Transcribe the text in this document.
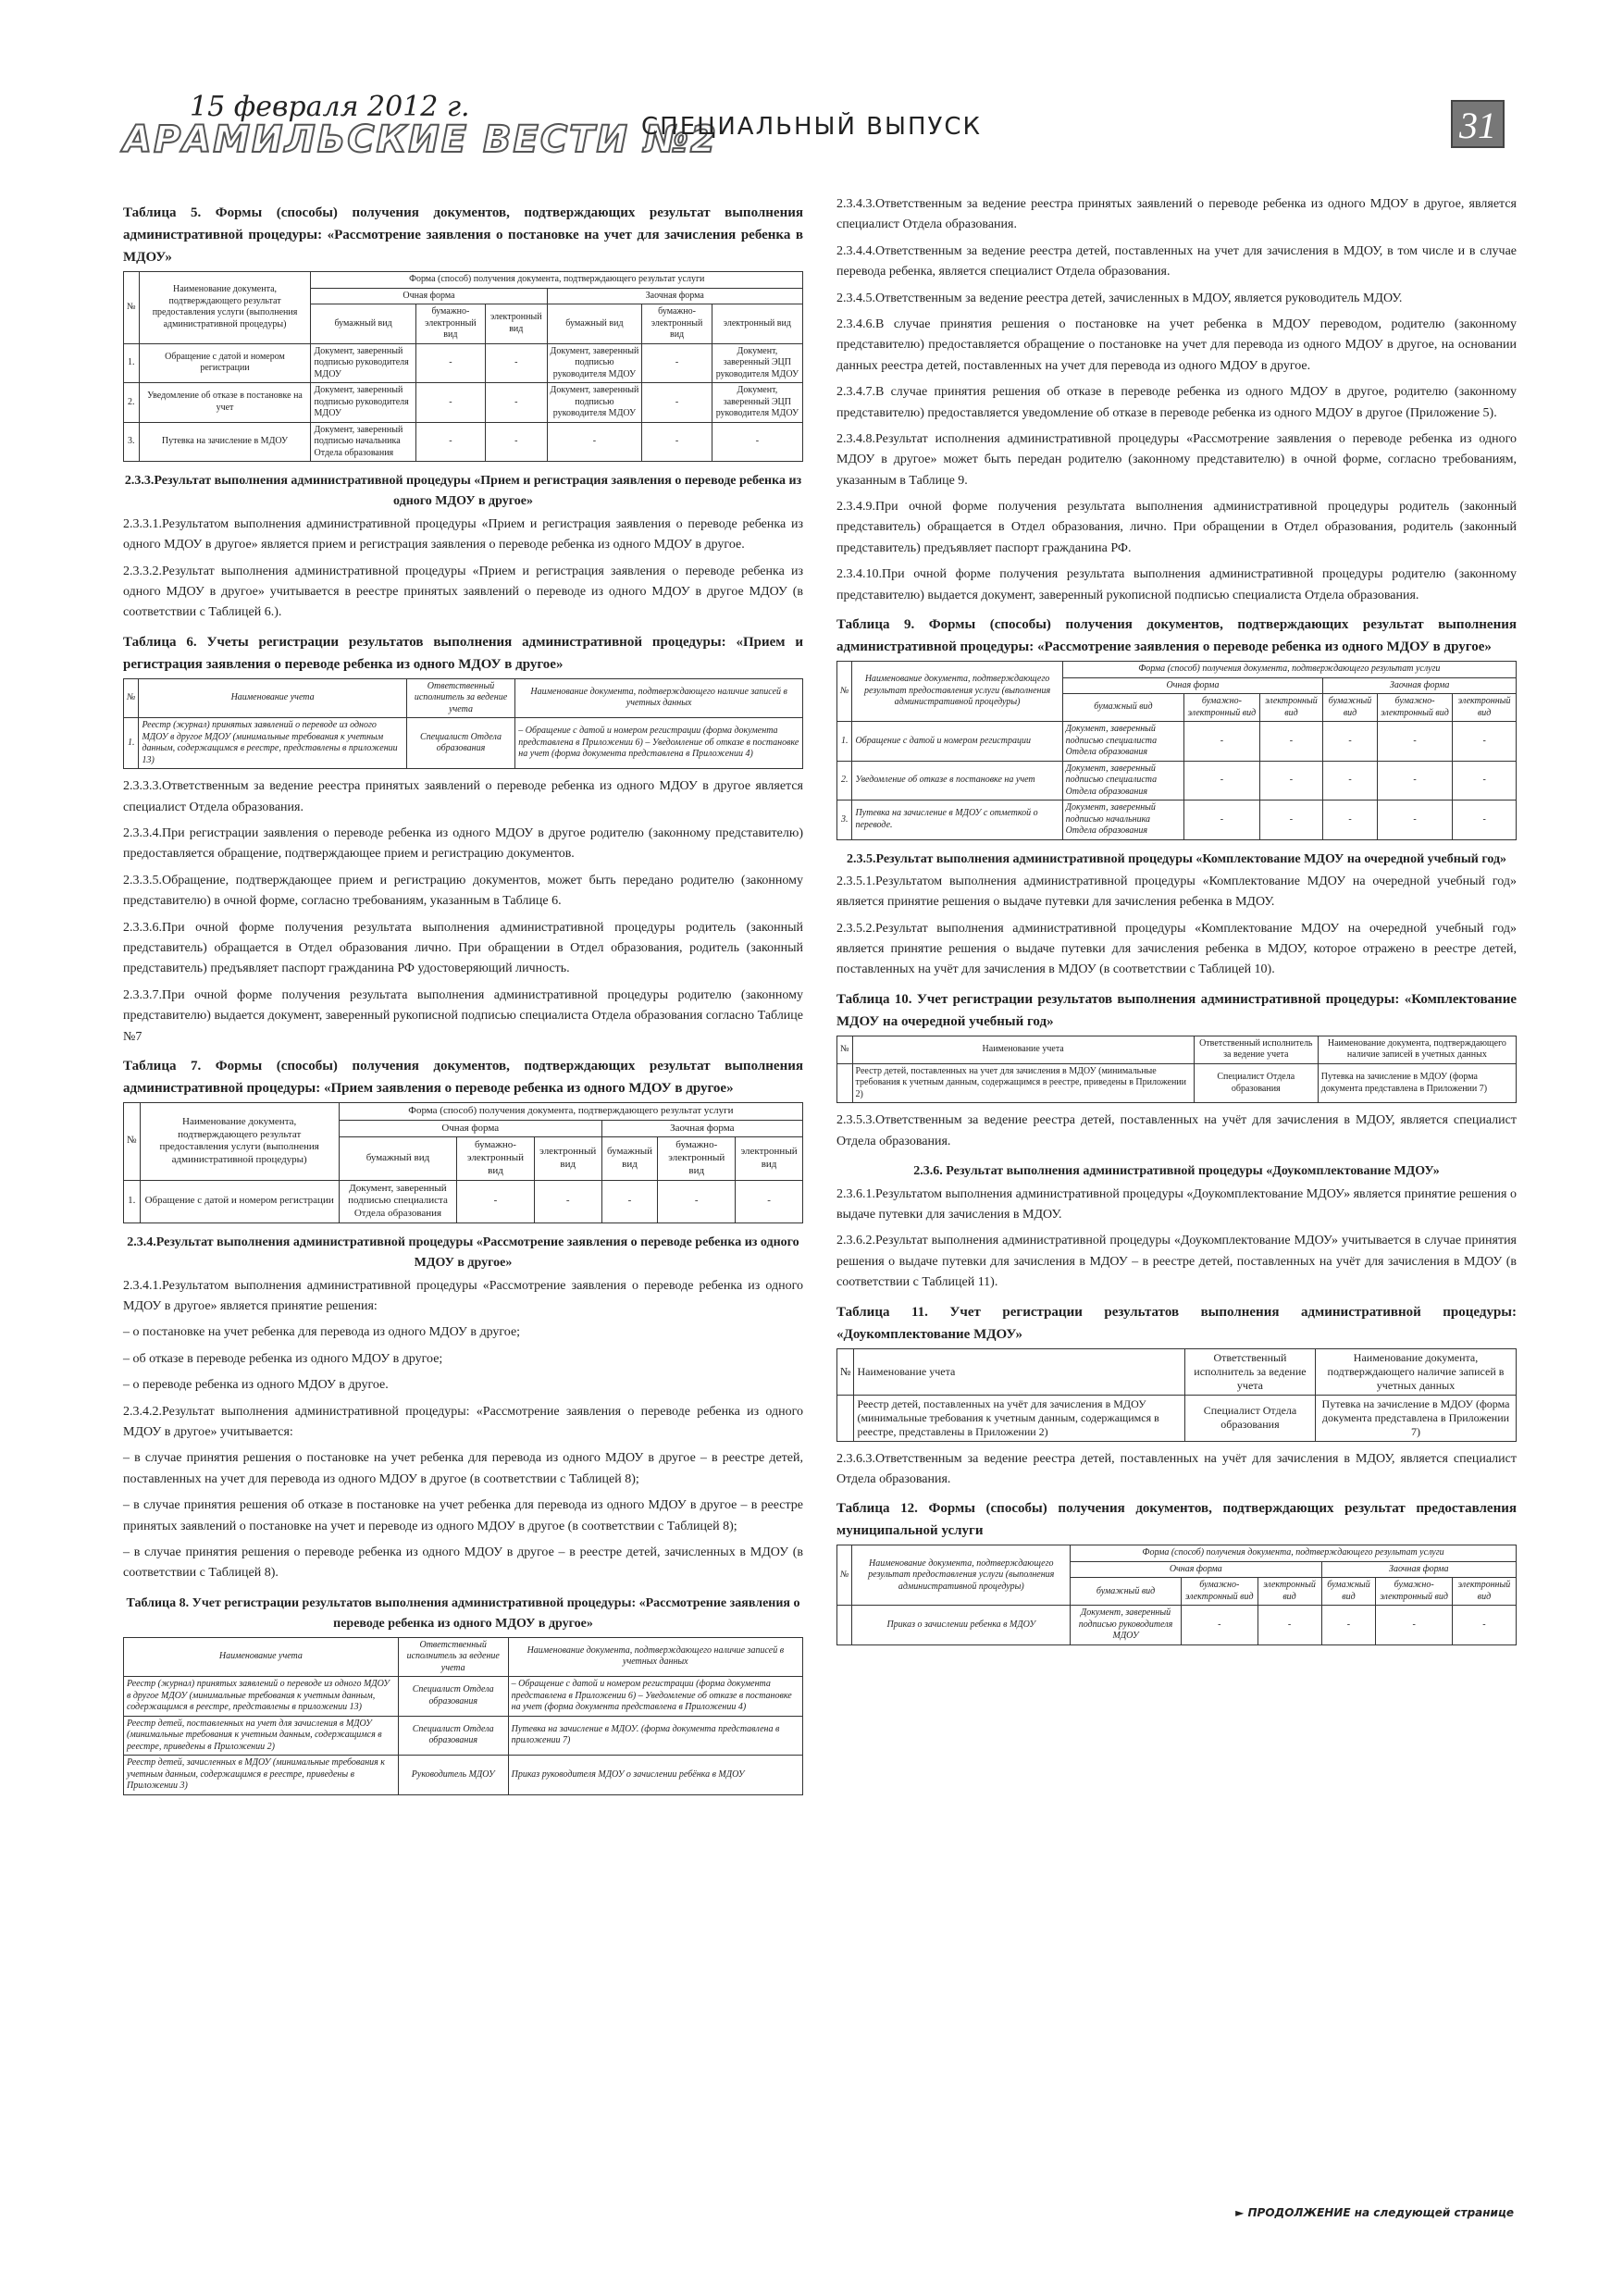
15 февраля 2012 г.
АРАМИЛЬСКИЕ ВЕСТИ №2
СПЕЦИАЛЬНЫЙ ВЫПУСК	31
Таблица 5. Формы (способы) получения документов, подтверждающих результат выполнения административной процедуры: «Рассмотрение заявления о постановке на учет для зачисления ребенка в МДОУ»
№	Наименование документа, подтверждающего результат предоставления услуги (выполнения административной процедуры)	Форма (способ) получения документа, подтверждающего результат услуги					
		Очная форма			Заочная форма		
		бумажный вид	бумажно-электронный вид	электронный вид	бумажный вид	бумажно-электронный вид	электронный вид
1.	Обращение с датой и номером регистрации	Документ, заверенный подписью руководителя МДОУ	-	-	Документ, заверенный подписью руководителя МДОУ	-	Документ, заверенный ЭЦП руководителя МДОУ
2.	Уведомление об отказе в постановке на учет	Документ, заверенный подписью руководителя МДОУ	-	-	Документ, заверенный подписью руководителя МДОУ	-	Документ, заверенный ЭЦП руководителя МДОУ
3.	Путевка на зачисление в МДОУ	Документ, заверенный подписью начальника Отдела образования	-	-	-	-	-
2.3.3.Результат выполнения административной процедуры «Прием и регистрация заявления о переводе ребенка из одного МДОУ в другое»

2.3.3.1.Результатом выполнения административной процедуры «Прием и регистрация заявления о переводе ребенка из одного МДОУ в другое» является прием и регистрация заявления о переводе ребенка из одного МДОУ в другое.

2.3.3.2.Результат выполнения административной процедуры «Прием и регистрация заявления о переводе ребенка из одного МДОУ в другое» учитывается в реестре принятых заявлений о переводе из одного МДОУ в другое МДОУ (в соответствии с Таблицей 6.).

Таблица 6. Учеты регистрации результатов выполнения административной процедуры: «Прием и регистрация заявления о переводе ребенка из одного МДОУ в другое»
№	Наименование учета	Ответственный исполнитель за ведение учета	Наименование документа, подтверждающего наличие записей в учетных данных
1.	Реестр (журнал) принятых заявлений о переводе из одного МДОУ в другое МДОУ (минимальные требования к учетным данным, содержащимся в реестре, представлены в приложении 13)	Специалист Отдела образования	– Обращение с датой и номером регистрации (форма документа представлена в Приложении 6) – Уведомление об отказе в постановке на учет (форма документа представлена в Приложении 4)

2.3.3.3.Ответственным за ведение реестра принятых заявлений о переводе ребенка из одного МДОУ в другое является специалист Отдела образования.

2.3.3.4.При регистрации заявления о переводе ребенка из одного МДОУ в другое родителю (законному представителю) предоставляется обращение, подтверждающее прием и регистрацию документов.

2.3.3.5.Обращение, подтверждающее прием и регистрацию документов, может быть передано родителю (законному представителю) в очной форме, согласно требованиям, указанным в Таблице 6.

2.3.3.6.При очной форме получения результата выполнения административной процедуры родитель (законный представитель) обращается в Отдел образования лично. При обращении в Отдел образования, родитель (законный представитель) предъявляет паспорт гражданина РФ удостоверяющий личность.

2.3.3.7.При очной форме получения результата выполнения административной процедуры родителю (законному представителю) выдается документ, заверенный рукописной подписью специалиста Отдела образования согласно Таблице №7

Таблица 7. Формы (способы) получения документов, подтверждающих результат выполнения административной процедуры: «Прием заявления о переводе ребенка из одного МДОУ в другое»
№	Наименование документа, подтверждающего результат предоставления услуги (выполнения административной процедуры)	Форма (способ) получения документа, подтверждающего результат услуги					
		Очная форма			Заочная форма		
		бумажный вид	бумажно-электронный вид	электронный вид	бумажный вид	бумажно-электронный вид	электронный вид
1.	Обращение с датой и номером регистрации	Документ, заверенный подписью специалиста Отдела образования	-	-	-	-	-
2.3.4.Результат выполнения административной процедуры «Рассмотрение заявления о переводе ребенка из одного МДОУ в другое»

2.3.4.1.Результатом выполнения административной процедуры «Рассмотрение заявления о переводе ребенка из одного МДОУ в другое» является принятие решения:

– о постановке на учет ребенка для перевода из одного МДОУ в другое;

– об отказе в переводе ребенка из одного МДОУ в другое;

– о переводе ребенка из одного МДОУ в другое.

2.3.4.2.Результат выполнения административной процедуры: «Рассмотрение заявления о переводе ребенка из одного МДОУ в другое» учитывается:

– в случае принятия решения о постановке на учет ребенка для перевода из одного МДОУ в другое – в реестре детей, поставленных на учет для перевода из одного МДОУ в другое (в соответствии с Таблицей 8);

– в случае принятия решения об отказе в постановке на учет ребенка для перевода из одного МДОУ в другое – в реестре принятых заявлений о постановке на учет и переводе из одного МДОУ в другое (в соответствии с Таблицей 8);

– в случае принятия решения о переводе ребенка из одного МДОУ в другое – в реестре детей, зачисленных в МДОУ (в соответствии с Таблицей 8).

Таблица 8. Учет регистрации результатов выполнения административной процедуры: «Рассмотрение заявления о переводе ребенка из одного МДОУ в другое»
Наименование учета	Ответственный исполнитель за ведение учета	Наименование документа, подтверждающего наличие записей в учетных данных
Реестр (журнал) принятых заявлений о переводе из одного МДОУ в другое МДОУ (минимальные требования к учетным данным, содержащимся в реестре, представлены в приложении 13)	Специалист Отдела образования	– Обращение с датой и номером регистрации (форма документа представлена в Приложении 6) – Уведомление об отказе в постановке на учет (форма документа представлена в Приложении 4)
Реестр детей, поставленных на учет для зачисления в МДОУ (минимальные требования к учетным данным, содержащимся в реестре, приведены в Приложении 2)	Специалист Отдела образования	Путевка на зачисление в МДОУ. (форма документа представлена в приложении 7)
Реестр детей, зачисленных в МДОУ (минимальные требования к учетным данным, содержащимся в реестре, приведены в Приложении 3)	Руководитель МДОУ	Приказ руководителя МДОУ о зачислении ребёнка в МДОУ

2.3.4.3.Ответственным за ведение реестра принятых заявлений о переводе ребенка из одного МДОУ в другое, является специалист Отдела образования.

2.3.4.4.Ответственным за ведение реестра детей, поставленных на учет для зачисления в МДОУ, в том числе и в случае перевода ребенка, является специалист Отдела образования.

2.3.4.5.Ответственным за ведение реестра детей, зачисленных в МДОУ, является руководитель МДОУ.

2.3.4.6.В случае принятия решения о постановке на учет ребенка в МДОУ переводом, родителю (законному представителю) предоставляется обращение о постановке на учет для перевода из одного МДОУ в другое, на основании данных реестра детей, поставленных на учет для перевода из одного МДОУ в другое.

2.3.4.7.В случае принятия решения об отказе в переводе ребенка из одного МДОУ в другое, родителю (законному представителю) предоставляется уведомление об отказе в переводе ребенка из одного МДОУ в другое (Приложение 5).

2.3.4.8.Результат исполнения административной процедуры «Рассмотрение заявления о переводе ребенка из одного МДОУ в другое» может быть передан родителю (законному представителю) в очной форме, согласно требованиям, указанным в Таблице 9.

2.3.4.9.При очной форме получения результата выполнения административной процедуры родитель (законный представитель) обращается в Отдел образования, лично. При обращении в Отдел образования, родитель (законный представитель) предъявляет паспорт гражданина РФ.

2.3.4.10.При очной форме получения результата выполнения административной процедуры родителю (законному представителю) выдается документ, заверенный рукописной подписью специалиста Отдела образования.

Таблица 9. Формы (способы) получения документов, подтверждающих результат выполнения административной процедуры: «Рассмотрение заявления о переводе ребенка из одного МДОУ в другое»
№	Наименование документа, подтверждающего результат предоставления услуги (выполнения административной процедуры)	Форма (способ) получения документа, подтверждающего результат услуги					
		Очная форма			Заочная форма		
		бумажный вид	бумажно-электронный вид	электронный вид	бумажный вид	бумажно-электронный вид	электронный вид
1.	Обращение с датой и номером регистрации	Документ, заверенный подписью специалиста Отдела образования	-	-	-	-	-
2.	Уведомление об отказе в постановке на учет	Документ, заверенный подписью специалиста Отдела образования	-	-	-	-	-
3.	Путевка на зачисление в МДОУ с отметкой о переводе.	Документ, заверенный подписью начальника Отдела образования	-	-	-	-	-
2.3.5.Результат выполнения административной процедуры «Комплектование МДОУ на очередной учебный год»

2.3.5.1.Результатом выполнения административной процедуры «Комплектование МДОУ на очередной учебный год» является принятие решения о выдаче путевки для зачисления ребенка в МДОУ.

2.3.5.2.Результат выполнения административной процедуры «Комплектование МДОУ на очередной учебный год» является принятие решения о выдаче путевки для зачисления ребенка в МДОУ, которое отражено в реестре детей, поставленных на учёт для зачисления в МДОУ (в соответствии с Таблицей 10).

Таблица 10. Учет регистрации результатов выполнения административной процедуры: «Комплектование МДОУ на очередной учебный год»
№	Наименование учета	Ответственный исполнитель за ведение учета	Наименование документа, подтверждающего наличие записей в учетных данных
	Реестр детей, поставленных на учет для зачисления в МДОУ (минимальные требования к учетным данным, содержащимся в реестре, приведены в Приложении 2)	Специалист Отдела образования	Путевка на зачисление в МДОУ (форма документа представлена в Приложении 7)

2.3.5.3.Ответственным за ведение реестра детей, поставленных на учёт для зачисления в МДОУ, является специалист Отдела образования.

2.3.6. Результат выполнения административной процедуры «Доукомплектование МДОУ»

2.3.6.1.Результатом выполнения административной процедуры «Доукомплектование МДОУ» является принятие решения о выдаче путевки для зачисления в МДОУ.

2.3.6.2.Результат выполнения административной процедуры «Доукомплектование МДОУ» учитывается в случае принятия решения о выдаче путевки для зачисления в МДОУ – в реестре детей, поставленных на учёт для зачисления в МДОУ (в соответствии с Таблицей 11).

Таблица 11. Учет регистрации результатов выполнения административной процедуры: «Доукомплектование МДОУ»
№	Наименование учета	Ответственный исполнитель за ведение учета	Наименование документа, подтверждающего наличие записей в учетных данных
	Реестр детей, поставленных на учёт для зачисления в МДОУ (минимальные требования к учетным данным, содержащимся в реестре, представлены в Приложении 2)	Специалист Отдела образования	Путевка на зачисление в МДОУ (форма документа представлена в Приложении 7)

2.3.6.3.Ответственным за ведение реестра детей, поставленных на учёт для зачисления в МДОУ, является специалист Отдела образования.

Таблица 12. Формы (способы) получения документов, подтверждающих результат предоставления муниципальной услуги
№	Наименование документа, подтверждающего результат предоставления услуги (выполнения административной процедуры)	Форма (способ) получения документа, подтверждающего результат услуги					
		Очная форма			Заочная форма		
		бумажный вид	бумажно-электронный вид	электронный вид	бумажный вид	бумажно-электронный вид	электронный вид
	Приказ о зачислении ребенка в МДОУ	Документ, заверенный подписью руководителя МДОУ	-	-	-	-	-
► ПРОДОЛЖЕНИЕ на следующей странице
